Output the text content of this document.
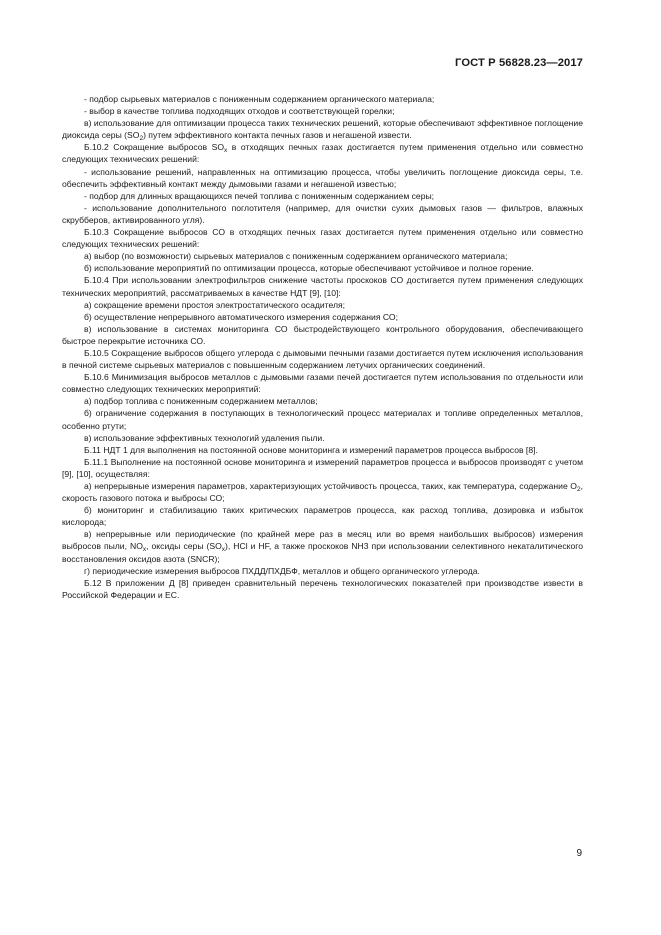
ГОСТ Р 56828.23—2017

- подбор сырьевых материалов с пониженным содержанием органического материала;

- выбор в качестве топлива подходящих отходов и соответствующей горелки;

в) использование для оптимизации процесса таких технических решений, которые обеспечивают эффективное поглощение диоксида серы $(SO_2)$ путем эффективного контакта печных газов и негашеной извести.

Б.10.2 Сокращение выбросов $SO_x$ в отходящих печных газах достигается путем применения отдельно или совместно следующих технических решений:

- использование решений, направленных на оптимизацию процесса, чтобы увеличить поглощение диоксида серы, т.е. обеспечить эффективный контакт между дымовыми газами и негашеной известью;

- подбор для длинных вращающихся печей топлива с пониженным содержанием серы;

- использование дополнительного поглотителя (например, для очистки сухих дымовых газов — фильтров, влажных скрубберов, активированного угля).

Б.10.3 Сокращение выбросов СО в отходящих печных газах достигается путем применения отдельно или совместно следующих технических решений:

а) выбор (по возможности) сырьевых материалов с пониженным содержанием органического материала;

б) использование мероприятий по оптимизации процесса, которые обеспечивают устойчивое и полное горение.

Б.10.4 При использовании электрофильтров снижение частоты проскоков СО достигается путем применения следующих технических мероприятий, рассматриваемых в качестве НДТ [9], [10]:

а) сокращение времени простоя электростатического осадителя;

б) осуществление непрерывного автоматического измерения содержания СО;

в) использование в системах мониторинга СО быстродействующего контрольного оборудования, обеспечивающего быстрое перекрытие источника СО.

Б.10.5 Сокращение выбросов общего углерода с дымовыми печными газами достигается путем исключения использования в печной системе сырьевых материалов с повышенным содержанием летучих органических соединений.

Б.10.6 Минимизация выбросов металлов с дымовыми газами печей достигается путем использования по отдельности или совместно следующих технических мероприятий:

а) подбор топлива с пониженным содержанием металлов;

б) ограничение содержания в поступающих в технологический процесс материалах и топливе определенных металлов, особенно ртути;

в) использование эффективных технологий удаления пыли.

Б.11 НДТ 1 для выполнения на постоянной основе мониторинга и измерений параметров процесса выбросов [8].

Б.11.1 Выполнение на постоянной основе мониторинга и измерений параметров процесса и выбросов производят с учетом [9], [10], осуществляя:

а) непрерывные измерения параметров, характеризующих устойчивость процесса, таких, как температура, содержание $O_2$, скорость газового потока и выбросы СО;

б) мониторинг и стабилизацию таких критических параметров процесса, как расход топлива, дозировка и избыток кислорода;

в) непрерывные или периодические (по крайней мере раз в месяц или во время наибольших выбросов) измерения выбросов пыли, $NO_x$, оксиды серы $(SO_x)$, HCl и HF, а также проскоков NH3 при использовании селективного некаталитического восстановления оксидов азота (SNCR);

г) периодические измерения выбросов ПХДД/ПХДБФ, металлов и общего органического углерода.

Б.12 В приложении Д [8] приведен сравнительный перечень технологических показателей при производстве извести в Российской Федерации и ЕС.

9
